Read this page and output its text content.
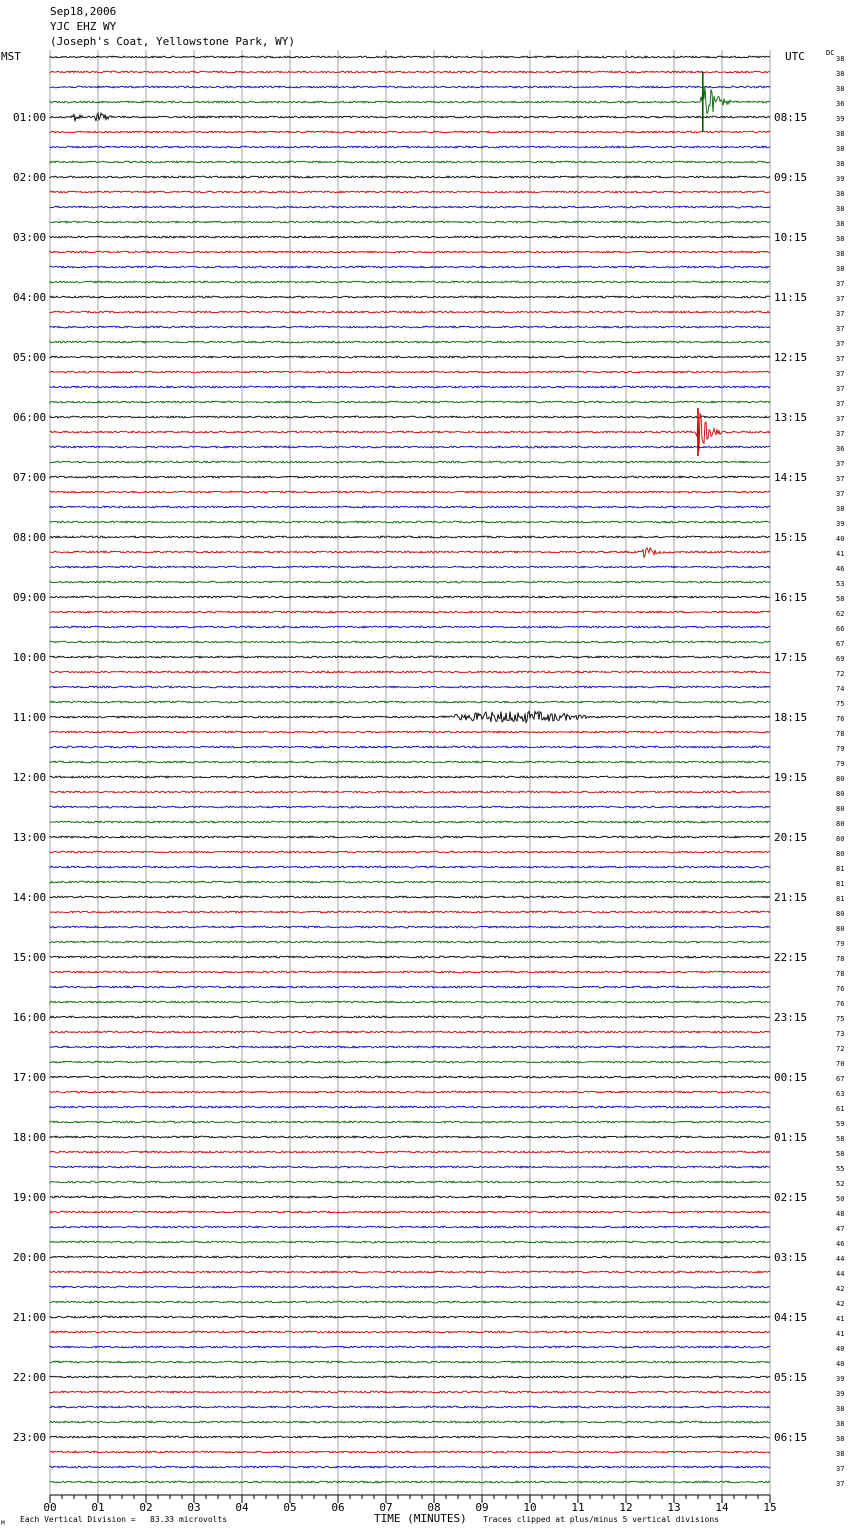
Sep18,2006
YJC EHZ WY
(Joseph's Coat, Yellowstone Park, WY)
MST	UTC	DC
38
38
38
36
39
38
38
38
39
38
38
38
38
38
38
37
37
37
37
37
37
37
37
37
37
37
36
37
37
37
38
39
40
41
46
53
58
62
66
67
69
72
74
75
76
78
79
79
80
80
80
80
80
80
81
81
81
80
80
79
78
78
76
76
75
73
72
70
67
63
61
59
58
58
55
52
50
48
47
46
44
44
42
42
41
41
40
40
39
39
38
38
38
38
37
37
01:00
02:00
03:00
04:00
05:00
06:00
07:00
08:00
09:00
10:00
11:00
12:00
13:00
14:00
15:00
16:00
17:00
18:00
19:00
20:00
21:00
22:00
23:00
08:15
09:15
10:15
11:15
12:15
13:15
14:15
15:15
16:15
17:15
18:15
19:15
20:15
21:15
22:15
23:15
00:15
01:15
02:15
03:15
04:15
05:15
06:15
00	01	02	03	04	05	06	07	08	09	10	11	12	13	14	15
M Each Vertical Division =   83.33 microvolts	TIME (MINUTES) Traces clipped at plus/minus 5 vertical divisions
